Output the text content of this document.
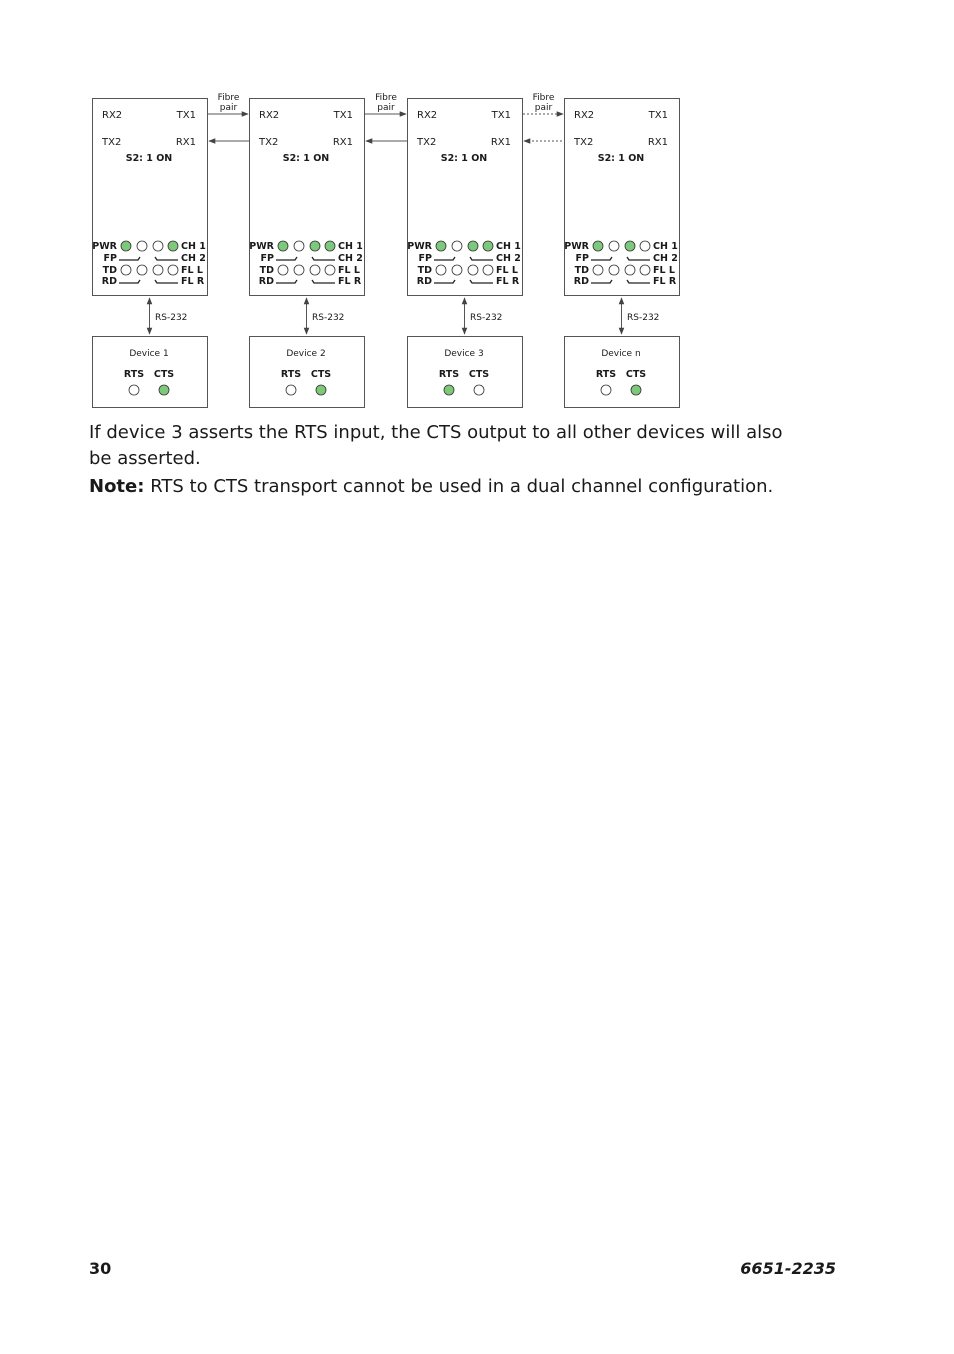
RX2	TX1
TX2	RX1
S2: 1 ON
PWR
FP
TD
RD
CH 1
CH 2
FL L
FL R
RS-232
Device 1
RTS CTS
RX2	TX1
TX2	RX1
S2: 1 ON
PWR
FP
TD
RD
CH 1
CH 2
FL L
FL R
RS-232
Device 2
RTS CTS
RX2	TX1
TX2	RX1
S2: 1 ON
PWR
FP
TD
RD
CH 1
CH 2
FL L
FL R
RS-232
Device 3
RTS CTS
RX2	TX1
TX2	RX1
S2: 1 ON
PWR
FP
TD
RD
CH 1
CH 2
FL L
FL R
RS-232
Device n
RTS CTS
Fibre
pair
Fibre
pair
Fibre
pair

If device 3 asserts the RTS input, the CTS output to all other devices will also be asserted.

Note: RTS to CTS transport cannot be used in a dual channel configuration.

30	6651-2235
